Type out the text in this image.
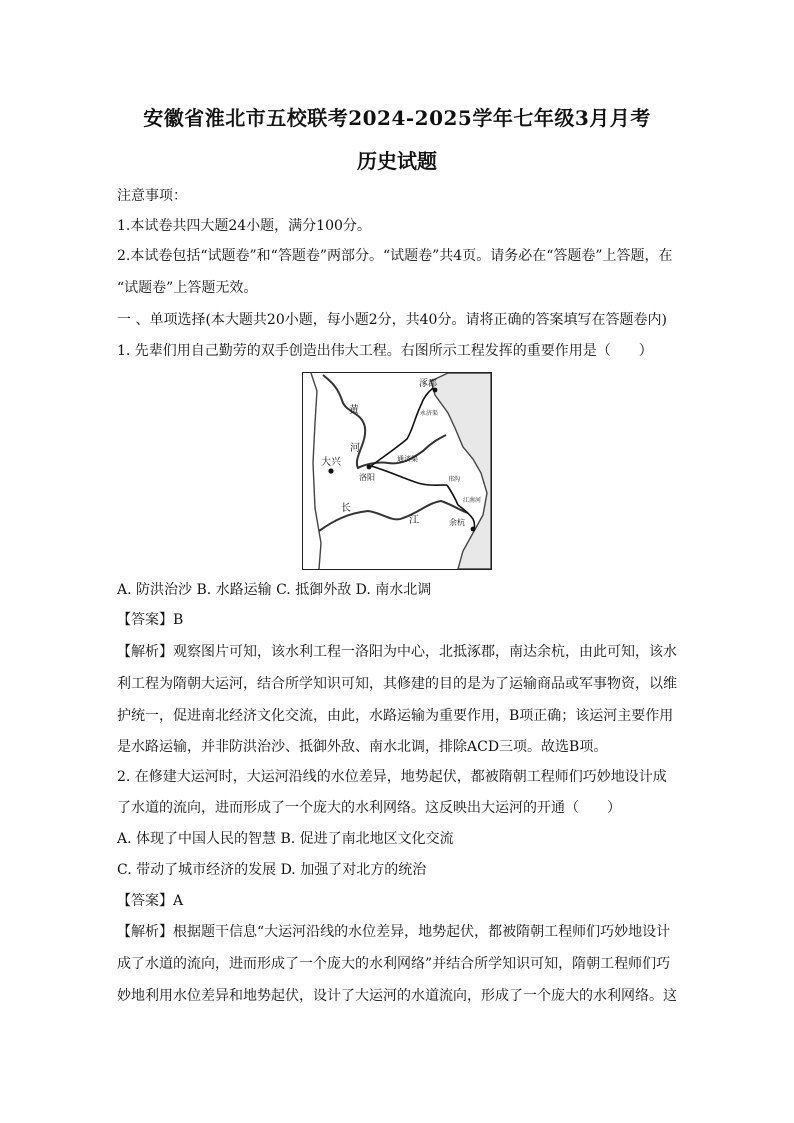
安徽省淮北市五校联考2024-2025学年七年级3月月考
历史试题
注意事项：
1.本试卷共四大题24小题，满分100分。
2.本试卷包括“试题卷”和“答题卷”两部分。“试题卷”共4页。请务必在“答题卷”上答题，在
“试题卷”上答题无效。
一 、单项选择(本大题共20小题，每小题2分，共40分。请将正确的答案填写在答题卷内)
1. 先辈们用自己勤劳的双手创造出伟大工程。右图所示工程发挥的重要作用是（　　）
涿郡
永济渠
黄
河
大兴	通济渠
洛阳	邗沟
长
江
江南河
余杭
A. 防洪治沙 B. 水路运输 C. 抵御外敌 D. 南水北调
【答案】B
【解析】观察图片可知，该水利工程一洛阳为中心，北抵涿郡，南达余杭，由此可知，该水
利工程为隋朝大运河，结合所学知识可知，其修建的目的是为了运输商品或军事物资，以维
护统一，促进南北经济文化交流，由此，水路运输为重要作用，B项正确；该运河主要作用
是水路运输，并非防洪治沙、抵御外敌、南水北调，排除ACD三项。故选B项。
2. 在修建大运河时，大运河沿线的水位差异，地势起伏，都被隋朝工程师们巧妙地设计成
了水道的流向，进而形成了一个庞大的水利网络。这反映出大运河的开通（　　）
A. 体现了中国人民的智慧 B. 促进了南北地区文化交流
C. 带动了城市经济的发展 D. 加强了对北方的统治
【答案】A
【解析】根据题干信息“大运河沿线的水位差异，地势起伏，都被隋朝工程师们巧妙地设计
成了水道的流向，进而形成了一个庞大的水利网络”并结合所学知识可知，隋朝工程师们巧
妙地利用水位差异和地势起伏，设计了大运河的水道流向，形成了一个庞大的水利网络。这
